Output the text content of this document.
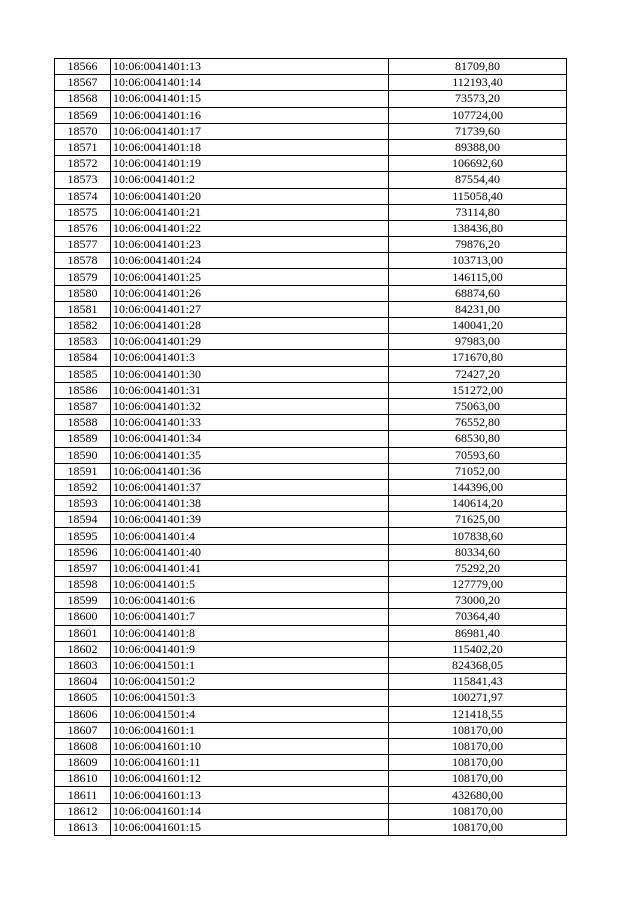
18566	10:06:0041401:13	81709,80
18567	10:06:0041401:14	112193,40
18568	10:06:0041401:15	73573,20
18569	10:06:0041401:16	107724,00
18570	10:06:0041401:17	71739,60
18571	10:06:0041401:18	89388,00
18572	10:06:0041401:19	106692,60
18573	10:06:0041401:2	87554,40
18574	10:06:0041401:20	115058,40
18575	10:06:0041401:21	73114,80
18576	10:06:0041401:22	138436,80
18577	10:06:0041401:23	79876,20
18578	10:06:0041401:24	103713,00
18579	10:06:0041401:25	146115,00
18580	10:06:0041401:26	68874,60
18581	10:06:0041401:27	84231,00
18582	10:06:0041401:28	140041,20
18583	10:06:0041401:29	97983,00
18584	10:06:0041401:3	171670,80
18585	10:06:0041401:30	72427,20
18586	10:06:0041401:31	151272,00
18587	10:06:0041401:32	75063,00
18588	10:06:0041401:33	76552,80
18589	10:06:0041401:34	68530,80
18590	10:06:0041401:35	70593,60
18591	10:06:0041401:36	71052,00
18592	10:06:0041401:37	144396,00
18593	10:06:0041401:38	140614,20
18594	10:06:0041401:39	71625,00
18595	10:06:0041401:4	107838,60
18596	10:06:0041401:40	80334,60
18597	10:06:0041401:41	75292,20
18598	10:06:0041401:5	127779,00
18599	10:06:0041401:6	73000,20
18600	10:06:0041401:7	70364,40
18601	10:06:0041401:8	86981,40
18602	10:06:0041401:9	115402,20
18603	10:06:0041501:1	824368,05
18604	10:06:0041501:2	115841,43
18605	10:06:0041501:3	100271,97
18606	10:06:0041501:4	121418,55
18607	10:06:0041601:1	108170,00
18608	10:06:0041601:10	108170,00
18609	10:06:0041601:11	108170,00
18610	10:06:0041601:12	108170,00
18611	10:06:0041601:13	432680,00
18612	10:06:0041601:14	108170,00
18613	10:06:0041601:15	108170,00
